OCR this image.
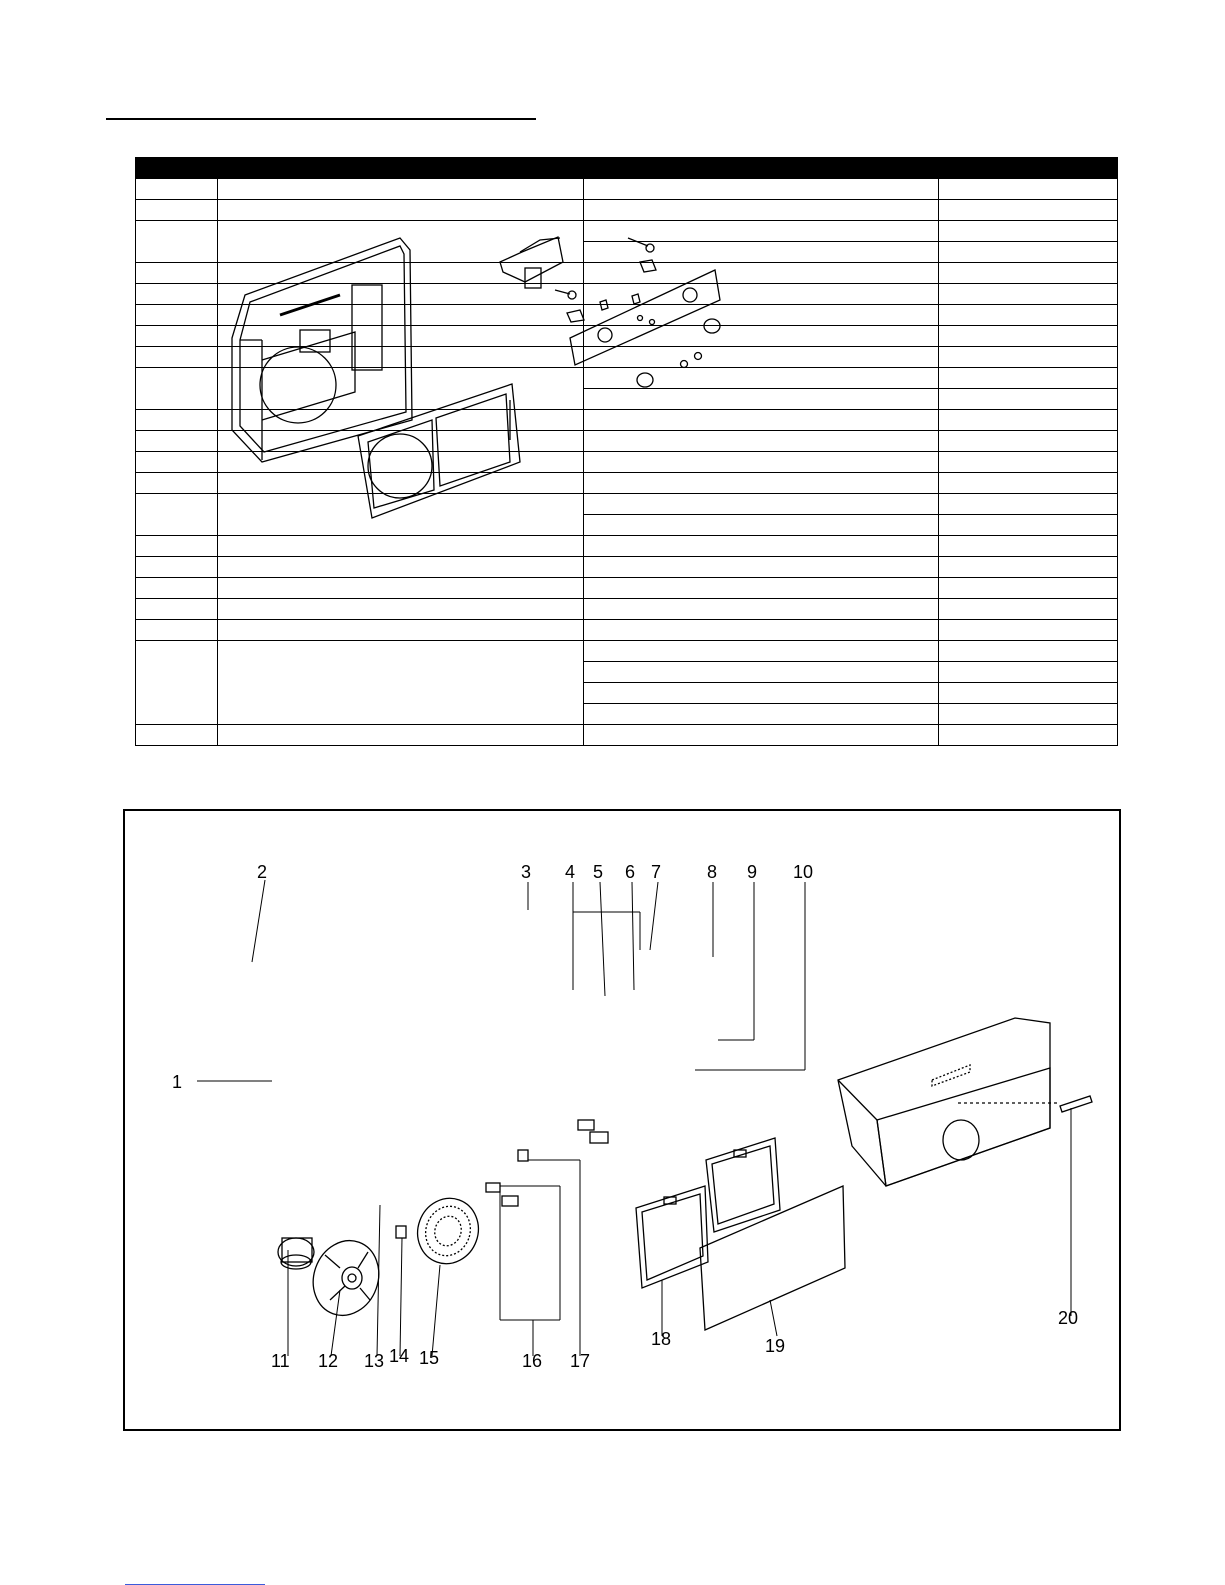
1
2	3 4 5 6 7	8 9 10
11 12 13 14 15	16 17
18	19
20
